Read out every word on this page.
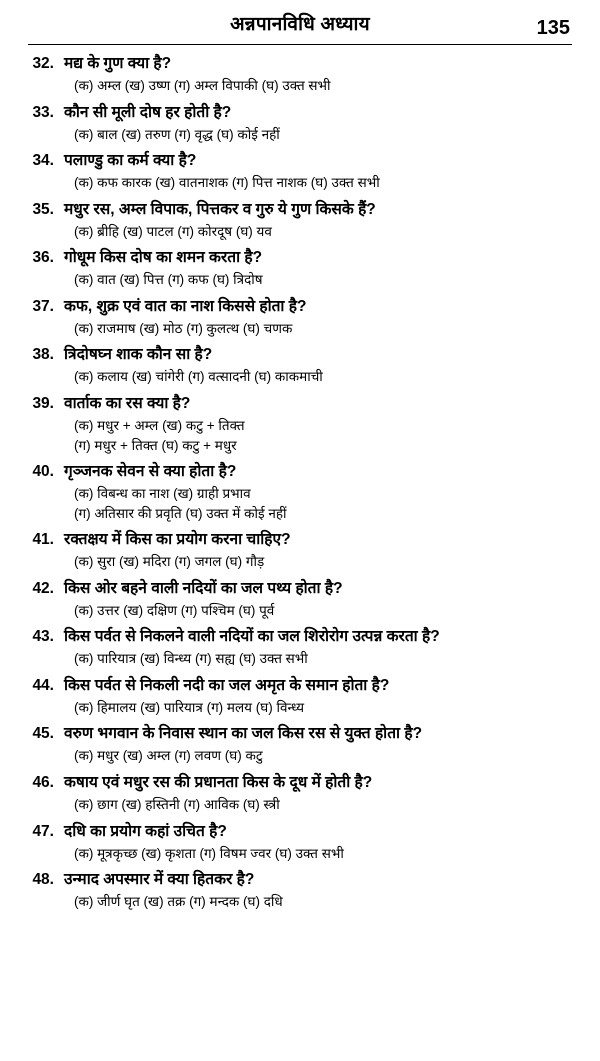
अन्नपानविधि अध्याय	135
32. मद्य के गुण क्या है?
(क) अम्ल (ख) उष्ण (ग) अम्ल विपाकी (घ) उक्त सभी
33. कौन सी मूली दोष हर होती है?
(क) बाल (ख) तरुण (ग) वृद्ध (घ) कोई नहीं
34. पलाण्डु का कर्म क्या है?
(क) कफ कारक (ख) वातनाशक (ग) पित्त नाशक (घ) उक्त सभी
35. मधुर रस, अम्ल विपाक, पित्तकर व गुरु ये गुण किसके हैं?
(क) ब्रीहि (ख) पाटल (ग) कोरदूष (घ) यव
36. गोधूम किस दोष का शमन करता है?
(क) वात (ख) पित्त (ग) कफ (घ) त्रिदोष
37. कफ, शुक्र एवं वात का नाश किससे होता है?
(क) राजमाष (ख) मोठ (ग) कुलत्थ (घ) चणक
38. त्रिदोषघ्न शाक कौन सा है?
(क) कलाय (ख) चांगेरी (ग) वत्सादनी (घ) काकमाची
39. वार्ताक का रस क्या है?
(क) मधुर + अम्ल (ख) कटु + तिक्त
(ग) मधुर + तिक्त (घ) कटु + मधुर
40. गृञ्जनक सेवन से क्या होता है?
(क) विबन्ध का नाश (ख) ग्राही प्रभाव
(ग) अतिसार की प्रवृति (घ) उक्त में कोई नहीं
41. रक्तक्षय में किस का प्रयोग करना चाहिए?
(क) सुरा (ख) मदिरा (ग) जगल (घ) गौड़
42. किस ओर बहने वाली नदियों का जल पथ्य होता है?
(क) उत्तर (ख) दक्षिण (ग) पश्चिम (घ) पूर्व
43. किस पर्वत से निकलने वाली नदियों का जल शिरोरोग उत्पन्न करता है?
(क) पारियात्र (ख) विन्ध्य (ग) सह्य (घ) उक्त सभी
44. किस पर्वत से निकली नदी का जल अमृत के समान होता है?
(क) हिमालय (ख) पारियात्र (ग) मलय (घ) विन्ध्य
45. वरुण भगवान के निवास स्थान का जल किस रस से युक्त होता है?
(क) मधुर (ख) अम्ल (ग) लवण (घ) कटु
46. कषाय एवं मधुर रस की प्रधानता किस के दूध में होती है?
(क) छाग (ख) हस्तिनी (ग) आविक (घ) स्त्री
47. दधि का प्रयोग कहां उचित है?
(क) मूत्रकृच्छ (ख) कृशता (ग) विषम ज्वर (घ) उक्त सभी
48. उन्माद अपस्मार में क्या हितकर है?
(क) जीर्ण घृत (ख) तक्र (ग) मन्दक (घ) दधि
